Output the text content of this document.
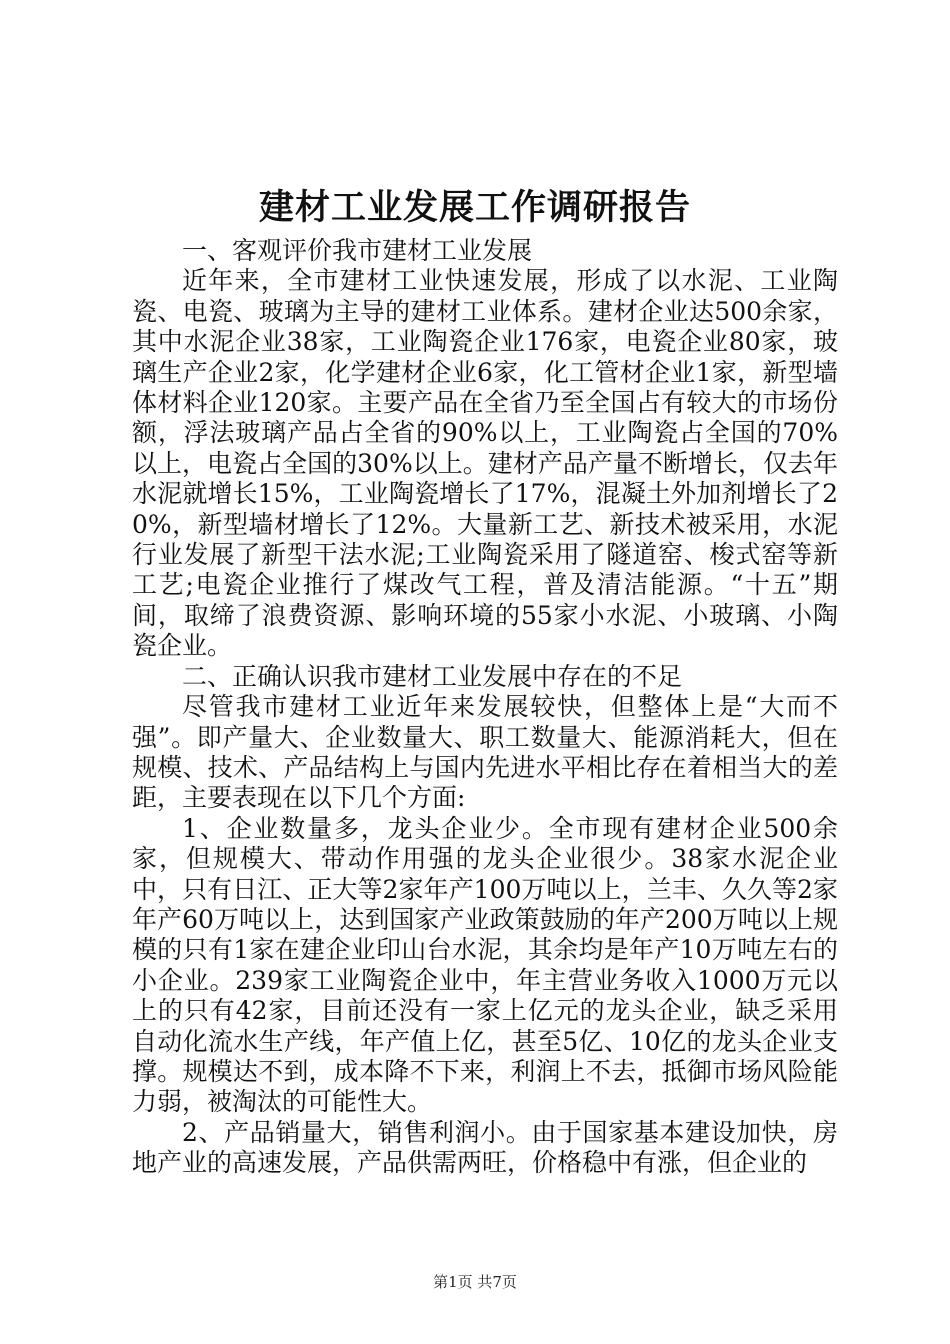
建材工业发展工作调研报告

一、客观评价我市建材工业发展

近年来，全市建材工业快速发展，形成了以水泥、工业陶瓷、电瓷、玻璃为主导的建材工业体系。建材企业达500余家，其中水泥企业38家，工业陶瓷企业176家，电瓷企业80家，玻璃生产企业2家，化学建材企业6家，化工管材企业1家，新型墙体材料企业120家。主要产品在全省乃至全国占有较大的市场份额，浮法玻璃产品占全省的90%以上，工业陶瓷占全国的70%以上，电瓷占全国的30%以上。建材产品产量不断增长，仅去年水泥就增长15%，工业陶瓷增长了17%，混凝土外加剂增长了20%，新型墙材增长了12%。大量新工艺、新技术被采用，水泥行业发展了新型干法水泥;工业陶瓷采用了隧道窑、梭式窑等新工艺;电瓷企业推行了煤改气工程，普及清洁能源。“十五”期间，取缔了浪费资源、影响环境的55家小水泥、小玻璃、小陶瓷企业。

二、正确认识我市建材工业发展中存在的不足

尽管我市建材工业近年来发展较快，但整体上是“大而不强”。即产量大、企业数量大、职工数量大、能源消耗大，但在规模、技术、产品结构上与国内先进水平相比存在着相当大的差距，主要表现在以下几个方面:

1、企业数量多，龙头企业少。全市现有建材企业500余家，但规模大、带动作用强的龙头企业很少。38家水泥企业中，只有日江、正大等2家年产100万吨以上，兰丰、久久等2家年产60万吨以上，达到国家产业政策鼓励的年产200万吨以上规模的只有1家在建企业印山台水泥，其余均是年产10万吨左右的小企业。239家工业陶瓷企业中，年主营业务收入1000万元以上的只有42家，目前还没有一家上亿元的龙头企业，缺乏采用自动化流水生产线，年产值上亿，甚至5亿、10亿的龙头企业支撑。规模达不到，成本降不下来，利润上不去，抵御市场风险能力弱，被淘汰的可能性大。

2、产品销量大，销售利润小。由于国家基本建设加快，房地产业的高速发展，产品供需两旺，价格稳中有涨，但企业的

第1页 共7页
